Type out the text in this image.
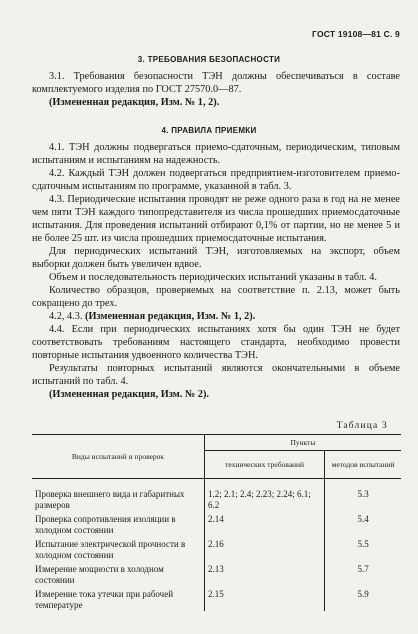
ГОСТ 19108—81 С. 9
3. ТРЕБОВАНИЯ БЕЗОПАСНОСТИ

3.1. Требования безопасности ТЭН должны обеспечиваться в составе комплектуемого изделия по ГОСТ 27570.0—87.

(Измененная редакция, Изм. № 1, 2).

4. ПРАВИЛА ПРИЕМКИ

4.1. ТЭН должны подвергаться приемо-сдаточным, периодическим, типовым испытаниям и испытаниям на надежность.

4.2. Каждый ТЭН должен подвергаться предприятием-изготовителем приемо-сдаточным испытаниям по программе, указанной в табл. 3.

4.3. Периодические испытания проводят не реже одного раза в год на не менее чем пяти ТЭН каждого типопредставителя из числа прошедших приемосдаточные испытания. Для проведения испытаний отбирают 0,1% от партии, но не менее 5 и не более 25 шт. из числа прошедших приемосдаточные испытания.

Для периодических испытаний ТЭН, изготовляемых на экспорт, объем выборки должен быть увеличен вдвое.

Объем и последовательность периодических испытаний указаны в табл. 4.

Количество образцов, проверяемых на соответствие п. 2.13, может быть сокращено до трех.

4.2, 4.3. (Измененная редакция, Изм. № 1, 2).

4.4. Если при периодических испытаниях хотя бы один ТЭН не будет соответствовать требованиям настоящего стандарта, необходимо провести повторные испытания удвоенного количества ТЭН.

Результаты повторных испытаний являются окончательными в объеме испытаний по табл. 4.

(Измененная редакция, Изм. № 2).

Таблица 3
Виды испытаний и проверок	Пункты	
	технических требований	методов испытаний
Проверка внешнего вида и габаритных размеров	1.2; 2.1; 2.4; 2.23; 2.24; 6.1; 6.2	5.3
Проверка сопротивления изоляции в холодном состоянии	2.14	5.4
Испытание электрической прочности в холодном состоянии	2.16	5.5
Измерение мощности в холодном состоянии	2.13	5.7
Измерение тока утечки при рабочей температуре	2.15	5.9
